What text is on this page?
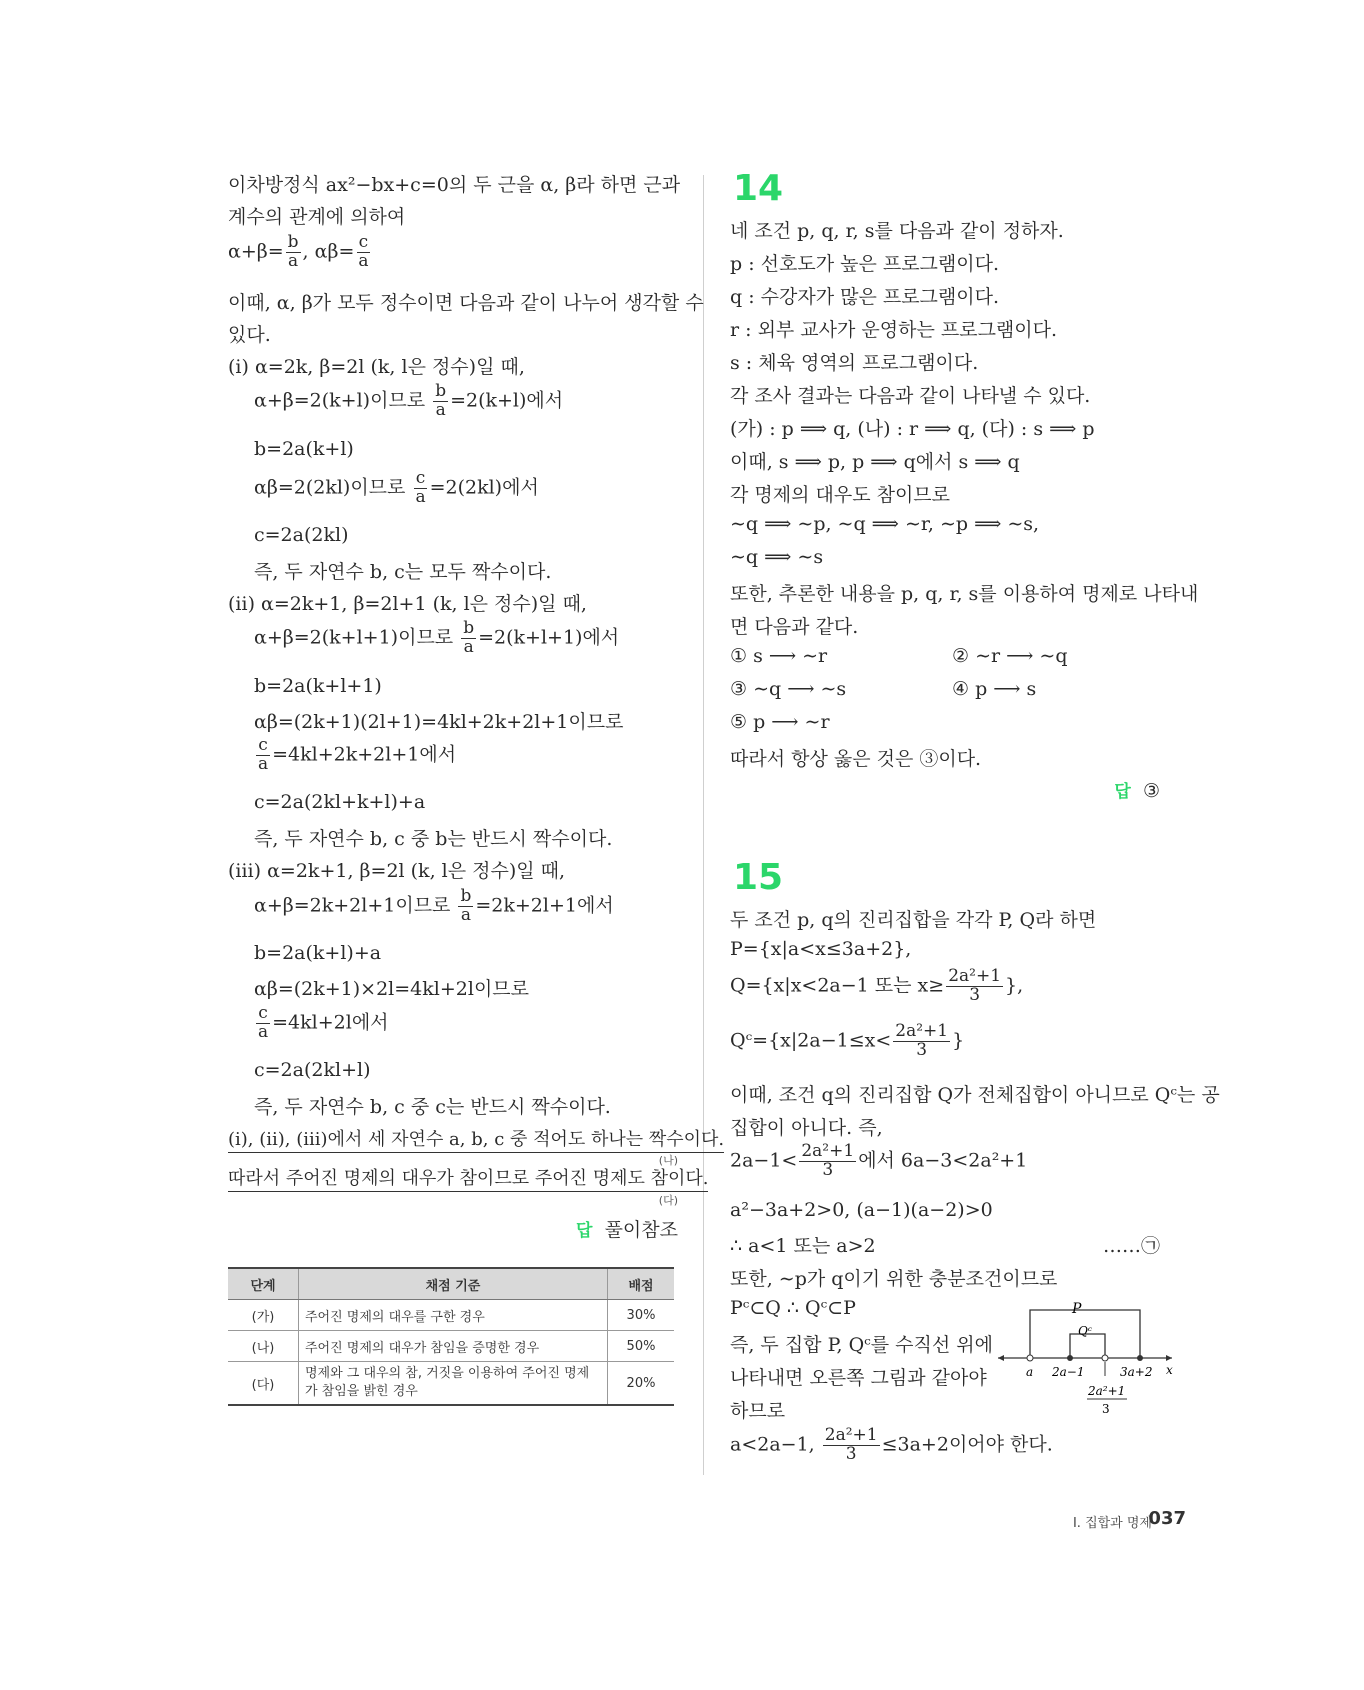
이차방정식 ax²−bx+c=0의 두 근을 α, β라 하면 근과
계수의 관계에 의하여
$\alpha+\beta= \frac{b}{a}$ , $\alpha\beta= \frac{c}{a}$
이때, α, β가 모두 정수이면 다음과 같이 나누어 생각할 수
있다.
(ⅰ) α=2k, β=2l (k, l은 정수)일 때,
α+β=2(k+l)이므로 $\frac{b}{a} =2(k+l)$에서
b=2a(k+l)
αβ=2(2kl)이므로 $\frac{c}{a} =2(2kl)$에서
c=2a(2kl)
즉, 두 자연수 b, c는 모두 짝수이다.
(ⅱ) α=2k+1, β=2l+1 (k, l은 정수)일 때,
α+β=2(k+l+1)이므로 $\frac{b}{a} =2(k+l+1)$에서
b=2a(k+l+1)
αβ=(2k+1)(2l+1)=4kl+2k+2l+1이므로
$\frac{c}{a} =4kl+2k+2l+1$에서
c=2a(2kl+k+l)+a
즉, 두 자연수 b, c 중 b는 반드시 짝수이다.
(ⅲ) α=2k+1, β=2l (k, l은 정수)일 때,
α+β=2k+2l+1이므로 $\frac{b}{a} =2k+2l+1$에서
b=2a(k+l)+a
αβ=(2k+1)×2l=4kl+2l이므로
$\frac{c}{a} =4kl+2l$에서
c=2a(2kl+l)
즉, 두 자연수 b, c 중 c는 반드시 짝수이다.
(ⅰ), (ⅱ), (ⅲ)에서 세 자연수 a, b, c 중 적어도 하나는 짝수이다.
(나)
따라서 주어진 명제의 대우가 참이므로 주어진 명제도 참이다.
(다)
답 풀이참조
단계	채점 기준	배점
(가)	주어진 명제의 대우를 구한 경우	30%
(나)	주어진 명제의 대우가 참임을 증명한 경우	50%
(다)	명제와 그 대우의 참, 거짓을 이용하여 주어진 명제가 참임을 밝힌 경우	20%
14
네 조건 p, q, r, s를 다음과 같이 정하자.
p : 선호도가 높은 프로그램이다.
q : 수강자가 많은 프로그램이다.
r : 외부 교사가 운영하는 프로그램이다.
s : 체육 영역의 프로그램이다.
각 조사 결과는 다음과 같이 나타낼 수 있다.
(가) : p ⟹ q, (나) : r ⟹ q, (다) : s ⟹ p
이때, s ⟹ p, p ⟹ q에서 s ⟹ q
각 명제의 대우도 참이므로
∼q ⟹ ∼p, ∼q ⟹ ∼r, ∼p ⟹ ∼s,
∼q ⟹ ∼s
또한, 추론한 내용을 p, q, r, s를 이용하여 명제로 나타내
면 다음과 같다.
① s ⟶ ∼r	② ∼r ⟶ ∼q
③ ∼q ⟶ ∼s	④ p ⟶ s
⑤ p ⟶ ∼r
따라서 항상 옳은 것은 ③이다.
답 ③
15
두 조건 p, q의 진리집합을 각각 P, Q라 하면
P={x|a<x≤3a+2},
Q={x|x<2a−1 또는 $x\ge \frac{\text{2a²+1}}{3}$ },
Qᶜ={x|2a−1≤x< $\frac{\text{2a²+1}}{3}$ }
이때, 조건 q의 진리집합 Q가 전체집합이 아니므로 Qᶜ는 공
집합이 아니다. 즉,
$2a-1< \frac{\text{2a²+1}}{3}$ 에서 6a−3<2a²+1
a²−3a+2>0, (a−1)(a−2)>0
∴ a<1 또는 a>2	……㉠
또한, ∼p가 q이기 위한 충분조건이므로
Pᶜ⊂Q ∴ Qᶜ⊂P
즉, 두 집합 P, Qᶜ를 수직선 위에
나타내면 오른쪽 그림과 같아야
하므로
a<2a−1, $\frac{\text{2a²+1}}{3} \le 3a+2$이어야 한다.
P
Qᶜ
a 2a−1	3a+2 x
2a²+1
3
Ⅰ. 집합과 명제
037
